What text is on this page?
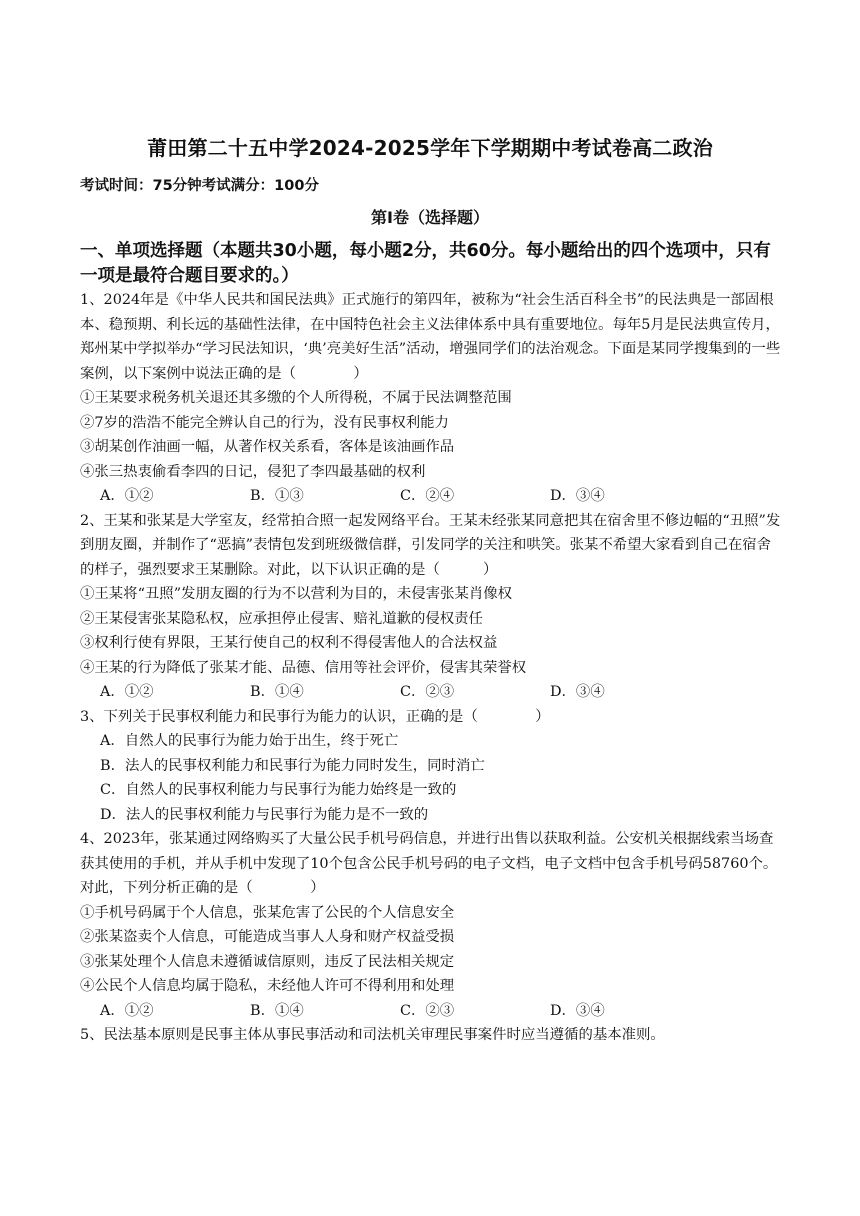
莆田第二十五中学2024-2025学年下学期期中考试卷高二政治
考试时间：75分钟考试满分：100分
第Ⅰ卷（选择题）
一、单项选择题（本题共30小题，每小题2分，共60分。每小题给出的四个选项中，只有一项是最符合题目要求的。）

1、2024年是《中华人民共和国民法典》正式施行的第四年，被称为“社会生活百科全书”的民法典是一部固根本、稳预期、利长远的基础性法律，在中国特色社会主义法律体系中具有重要地位。每年5月是民法典宣传月，郑州某中学拟举办“学习民法知识，‘典’亮美好生活”活动，增强同学们的法治观念。下面是某同学搜集到的一些案例，以下案例中说法正确的是（　　　　）

①王某要求税务机关退还其多缴的个人所得税，不属于民法调整范围

②7岁的浩浩不能完全辨认自己的行为，没有民事权利能力

③胡某创作油画一幅，从著作权关系看，客体是该油画作品

④张三热衷偷看李四的日记，侵犯了李四最基础的权利

A．①②	B．①③	C．②④	D．③④

2、王某和张某是大学室友，经常拍合照一起发网络平台。王某未经张某同意把其在宿舍里不修边幅的“丑照”发到朋友圈，并制作了“恶搞”表情包发到班级微信群，引发同学的关注和哄笑。张某不希望大家看到自己在宿舍的样子，强烈要求王某删除。对此，以下认识正确的是（　　　）

①王某将“丑照”发朋友圈的行为不以营利为目的，未侵害张某肖像权

②王某侵害张某隐私权，应承担停止侵害、赔礼道歉的侵权责任

③权利行使有界限，王某行使自己的权利不得侵害他人的合法权益

④王某的行为降低了张某才能、品德、信用等社会评价，侵害其荣誉权

A．①②	B．①④	C．②③	D．③④

3、下列关于民事权利能力和民事行为能力的认识，正确的是（　　　　）

A．自然人的民事行为能力始于出生，终于死亡

B．法人的民事权利能力和民事行为能力同时发生，同时消亡

C．自然人的民事权利能力与民事行为能力始终是一致的

D．法人的民事权利能力与民事行为能力是不一致的

4、2023年，张某通过网络购买了大量公民手机号码信息，并进行出售以获取利益。公安机关根据线索当场查获其使用的手机，并从手机中发现了10个包含公民手机号码的电子文档，电子文档中包含手机号码58760个。对此，下列分析正确的是（　　　　）

①手机号码属于个人信息，张某危害了公民的个人信息安全

②张某盗卖个人信息，可能造成当事人人身和财产权益受损

③张某处理个人信息未遵循诚信原则，违反了民法相关规定

④公民个人信息均属于隐私，未经他人许可不得利用和处理

A．①②	B．①④	C．②③	D．③④

5、民法基本原则是民事主体从事民事活动和司法机关审理民事案件时应当遵循的基本准则。
